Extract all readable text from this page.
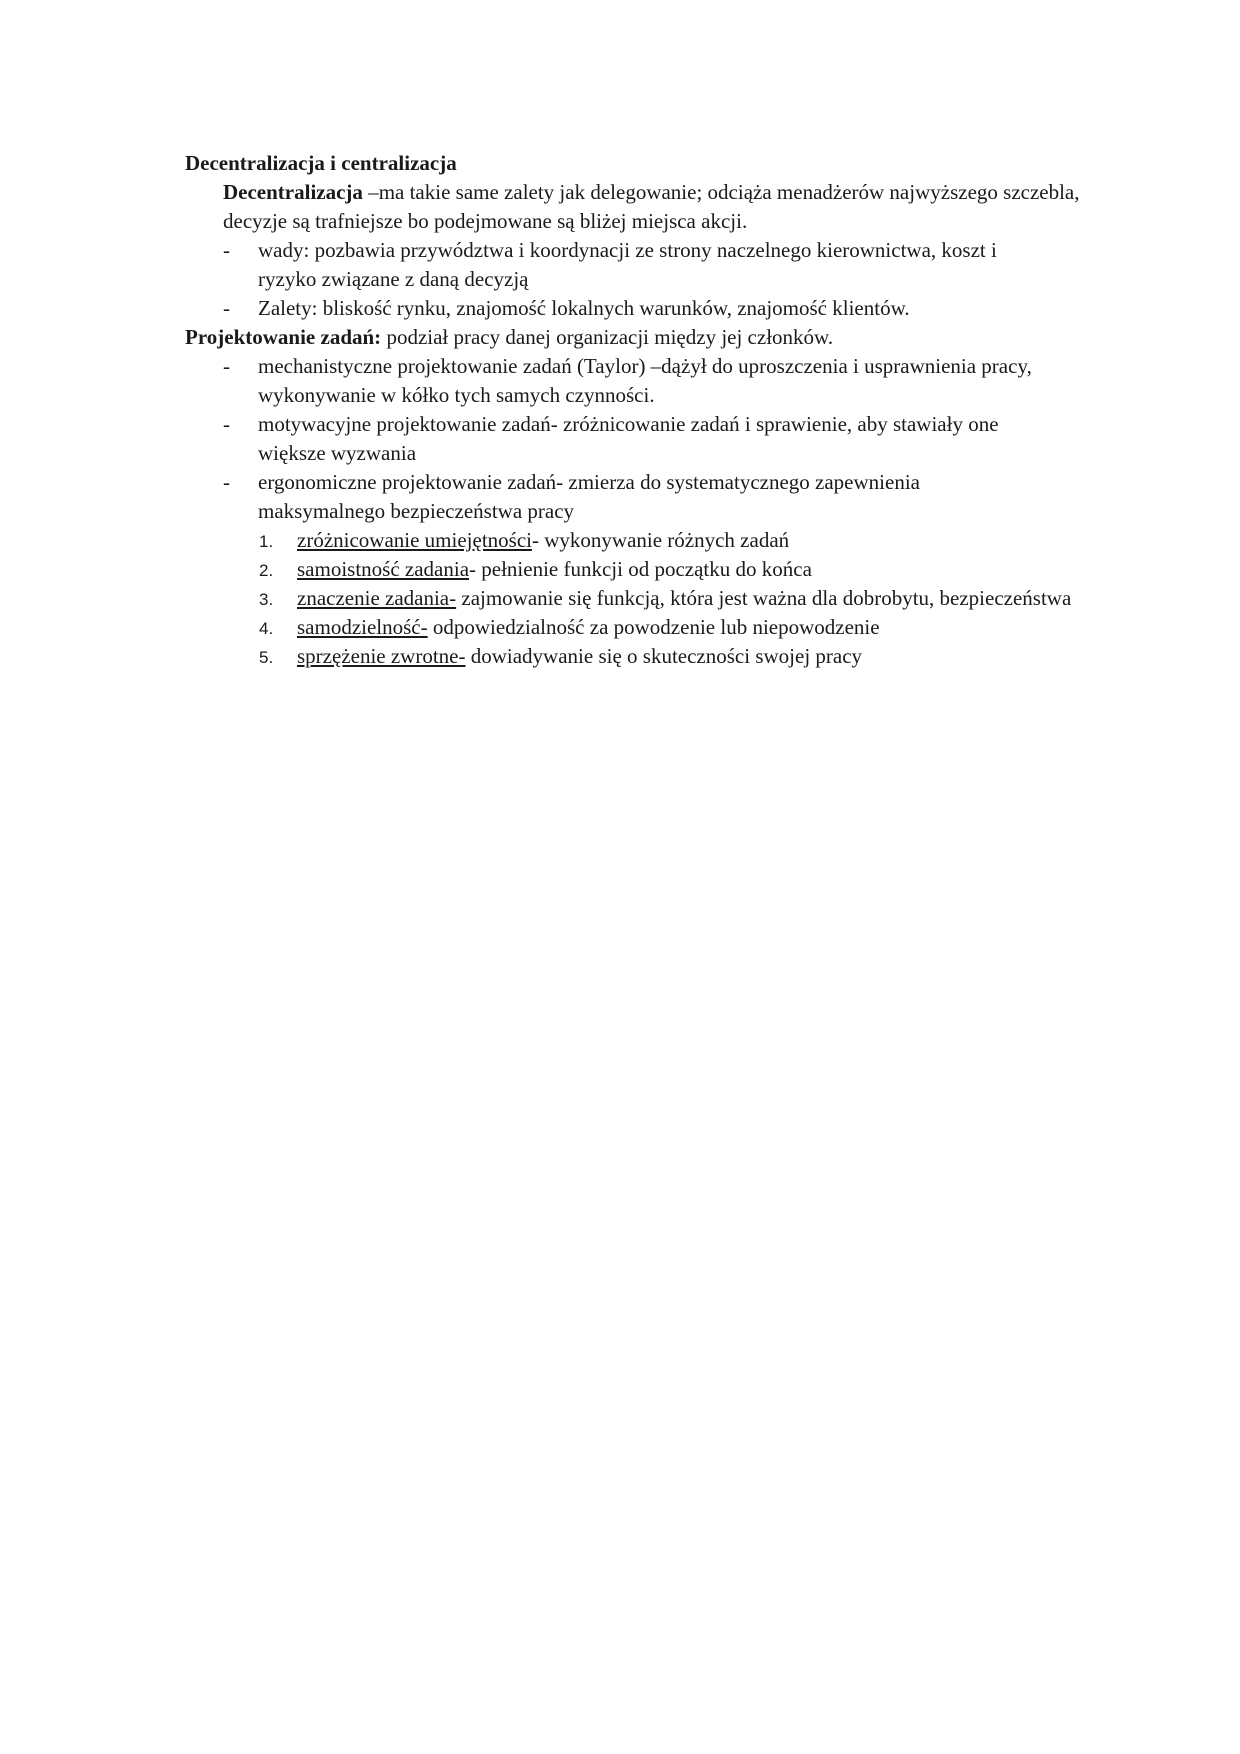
Decentralizacja i centralizacja

Decentralizacja –ma takie same zalety jak delegowanie; odciąża menadżerów najwyższego szczebla, decyzje są trafniejsze bo podejmowane są bliżej miejsca akcji.

- wady: pozbawia przywództwa i koordynacji ze strony naczelnego kierownictwa, koszt i ryzyko związane z daną decyzją

- Zalety: bliskość rynku, znajomość lokalnych warunków, znajomość klientów.

Projektowanie zadań: podział pracy danej organizacji między jej członków.

- mechanistyczne projektowanie zadań (Taylor) –dążył do uproszczenia i usprawnienia pracy, wykonywanie w kółko tych samych czynności.

- motywacyjne projektowanie zadań- zróżnicowanie zadań i sprawienie, aby stawiały one większe wyzwania

- ergonomiczne projektowanie zadań- zmierza do systematycznego zapewnienia maksymalnego bezpieczeństwa pracy

1. zróżnicowanie umiejętności- wykonywanie różnych zadań

2. samoistność zadania- pełnienie funkcji od początku do końca

3. znaczenie zadania- zajmowanie się funkcją, która jest ważna dla dobrobytu, bezpieczeństwa

4. samodzielność- odpowiedzialność za powodzenie lub niepowodzenie

5. sprzężenie zwrotne- dowiadywanie się o skuteczności swojej pracy
